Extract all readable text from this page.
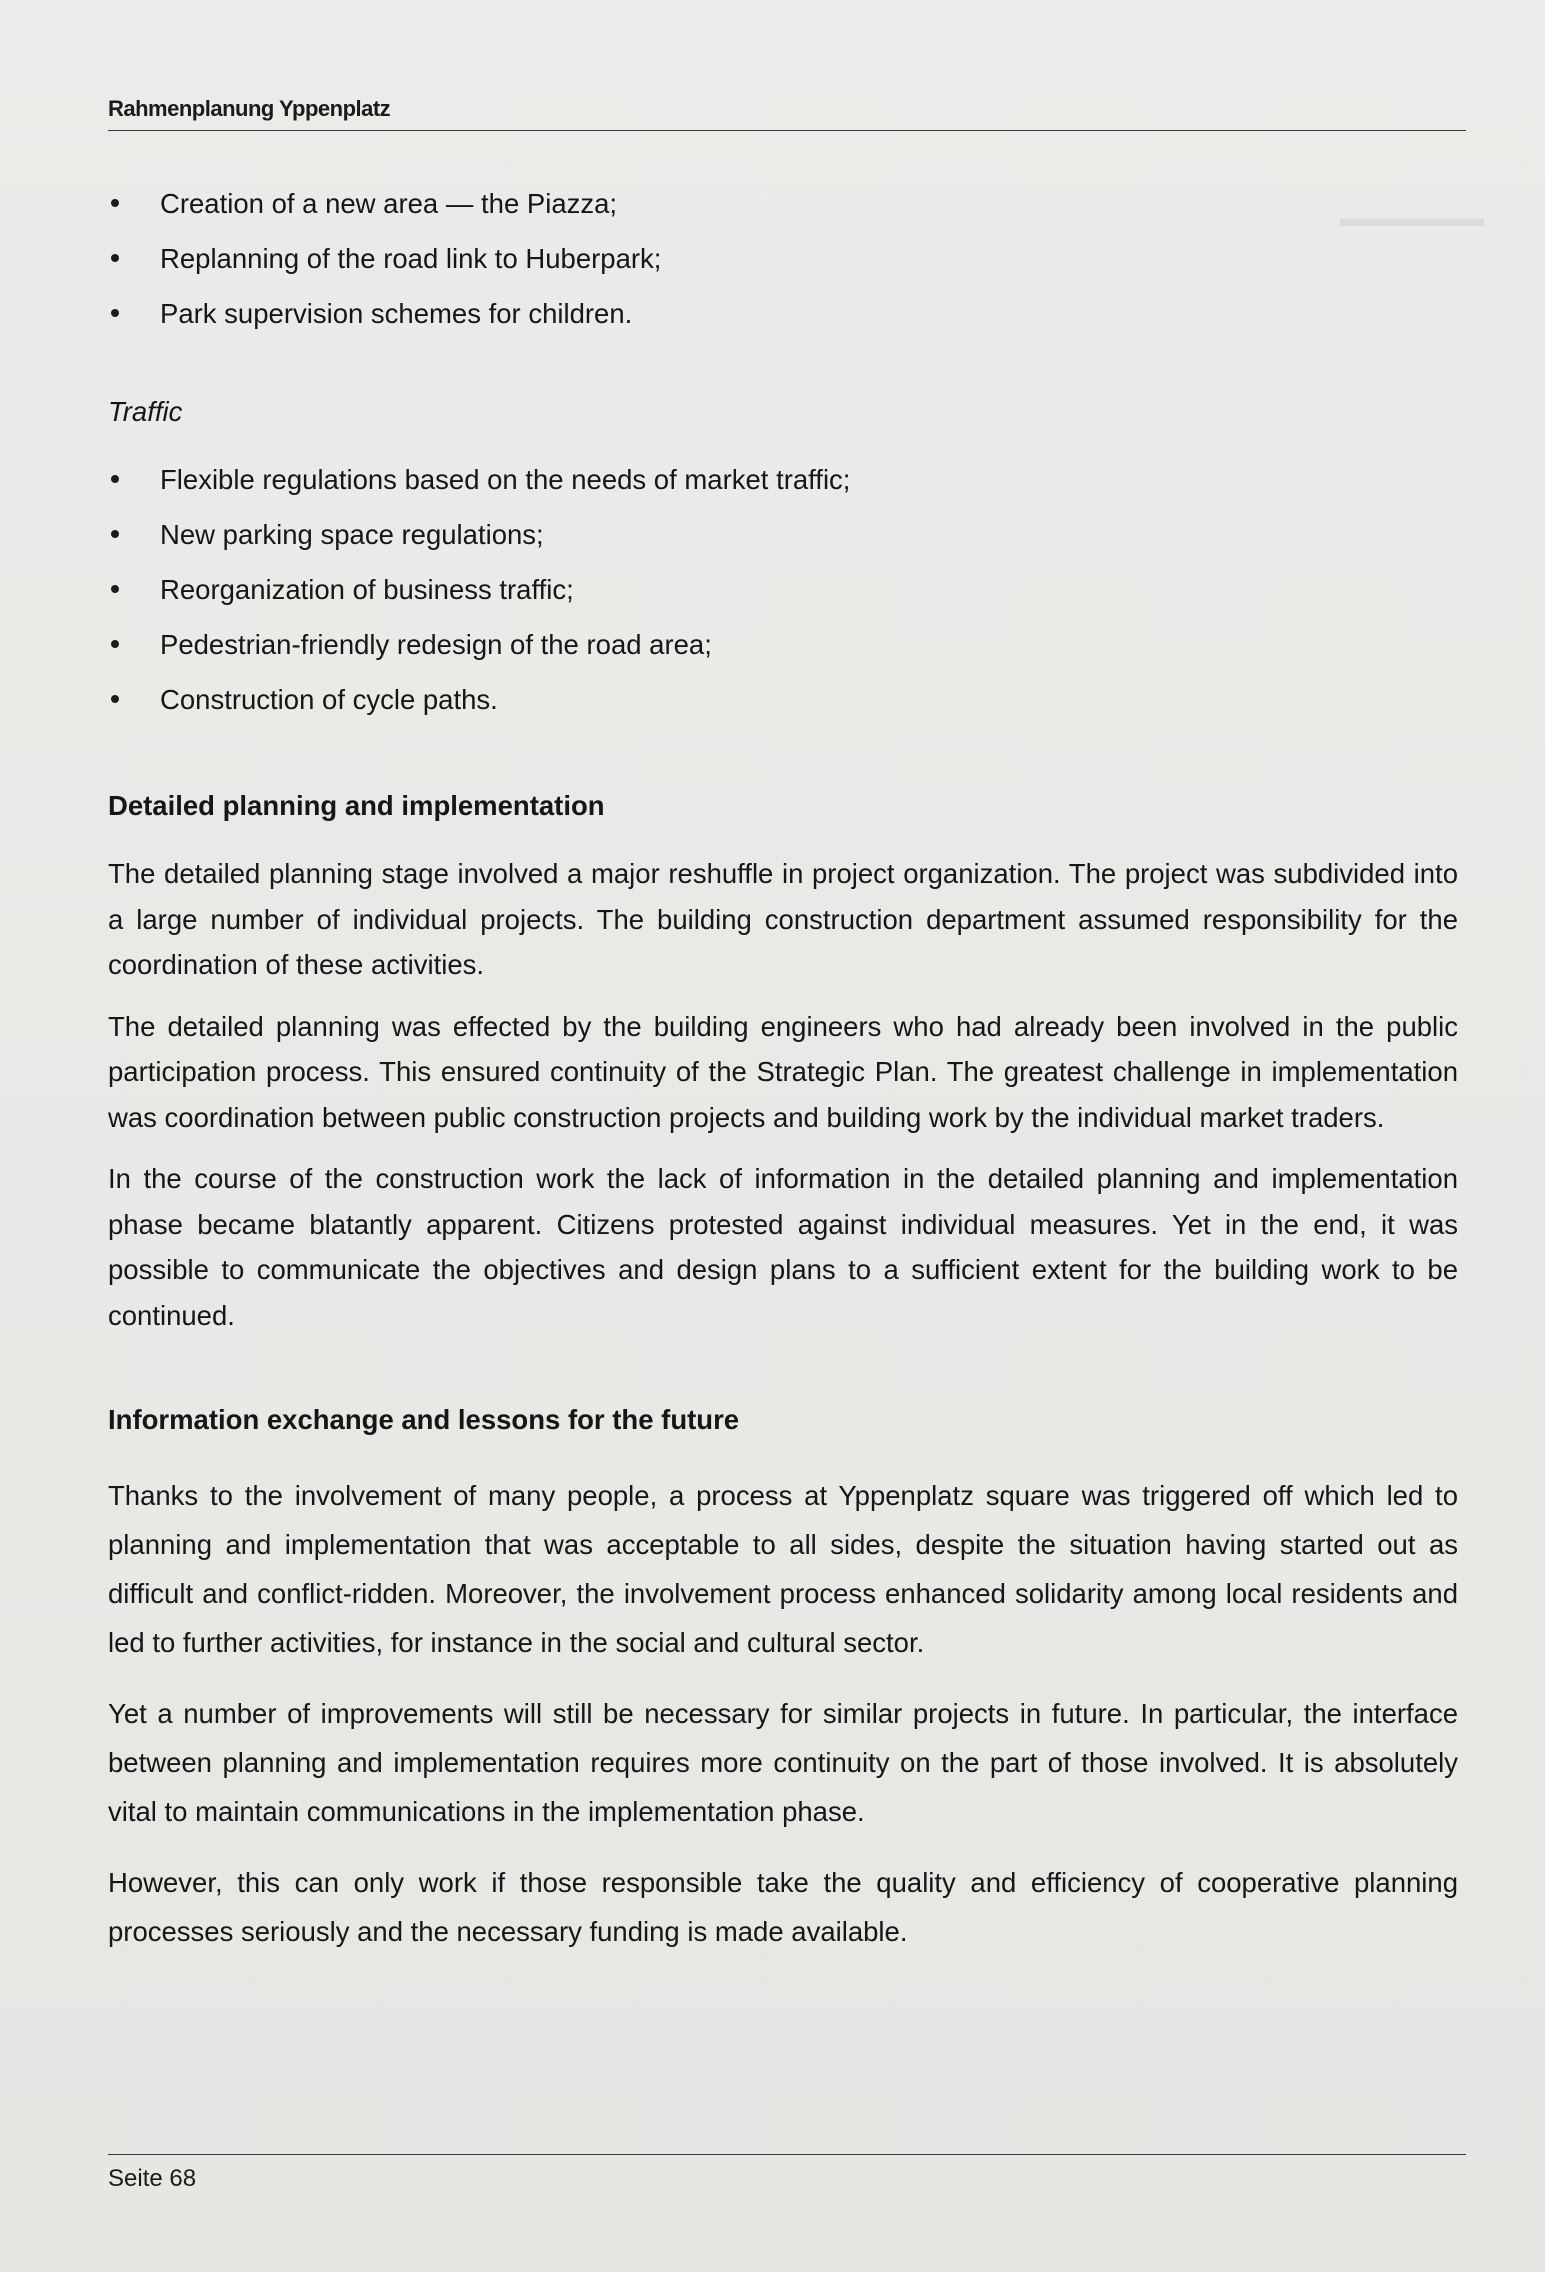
▬▬▬▬▬▬
Rahmenplanung Yppenplatz
Creation of a new area — the Piazza;
Replanning of the road link to Huberpark;
Park supervision schemes for children.
Traffic
Flexible regulations based on the needs of market traffic;
New parking space regulations;
Reorganization of business traffic;
Pedestrian-friendly redesign of the road area;
Construction of cycle paths.
Detailed planning and implementation

The detailed planning stage involved a major reshuffle in project organization. The project was subdivided into a large number of individual projects. The building construction department assumed responsibility for the coordination of these activities.

The detailed planning was effected by the building engineers who had already been involved in the public participation process. This ensured continuity of the Strategic Plan. The greatest challenge in implementation was coordination between public construction projects and building work by the individual market traders.

In the course of the construction work the lack of information in the detailed planning and implementation phase became blatantly apparent. Citizens protested against individual measures. Yet in the end, it was possible to communicate the objectives and design plans to a sufficient extent for the building work to be continued.

Information exchange and lessons for the future

Thanks to the involvement of many people, a process at Yppenplatz square was triggered off which led to planning and implementation that was acceptable to all sides, despite the situation having started out as difficult and conflict-ridden. Moreover, the involvement process enhanced solidarity among local residents and led to further activities, for instance in the social and cultural sector.

Yet a number of improvements will still be necessary for similar projects in future. In particular, the interface between planning and implementation requires more continuity on the part of those involved. It is absolutely vital to maintain communications in the implementation phase.

However, this can only work if those responsible take the quality and efficiency of cooperative planning processes seriously and the necessary funding is made available.

Seite 68
